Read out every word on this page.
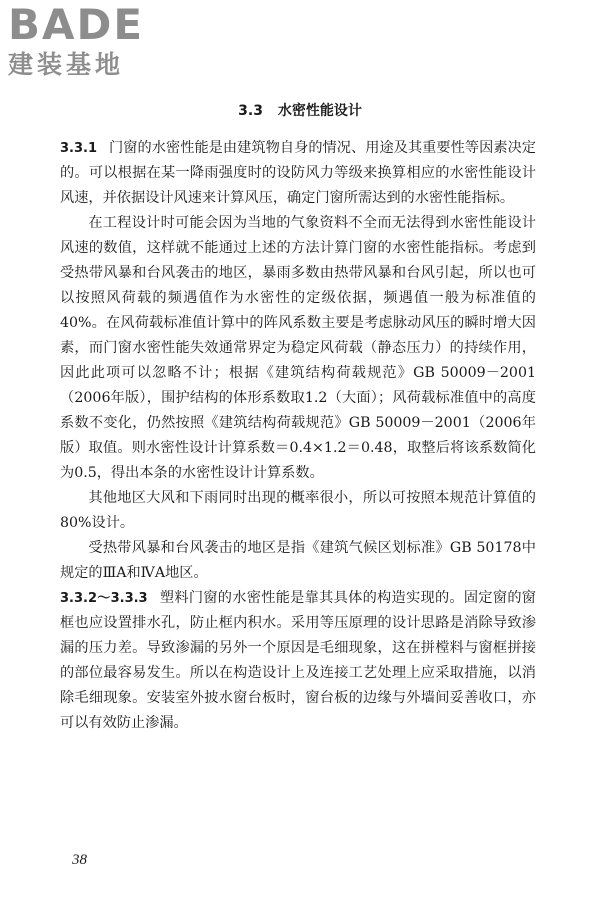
BADE
建装基地
3.3 水密性能设计

3.3.1 门窗的水密性能是由建筑物自身的情况、用途及其重要性等因素决定的。可以根据在某一降雨强度时的设防风力等级来换算相应的水密性能设计风速，并依据设计风速来计算风压，确定门窗所需达到的水密性能指标。

在工程设计时可能会因为当地的气象资料不全而无法得到水密性能设计风速的数值，这样就不能通过上述的方法计算门窗的水密性能指标。考虑到受热带风暴和台风袭击的地区，暴雨多数由热带风暴和台风引起，所以也可以按照风荷载的频遇值作为水密性的定级依据，频遇值一般为标准值的40%。在风荷载标准值计算中的阵风系数主要是考虑脉动风压的瞬时增大因素，而门窗水密性能失效通常界定为稳定风荷载（静态压力）的持续作用，因此此项可以忽略不计；根据《建筑结构荷载规范》GB 50009－2001（2006年版），围护结构的体形系数取1.2（大面）；风荷载标准值中的高度系数不变化，仍然按照《建筑结构荷载规范》GB 50009－2001（2006年版）取值。则水密性设计计算系数＝0.4×1.2＝0.48，取整后将该系数简化为0.5，得出本条的水密性设计计算系数。

其他地区大风和下雨同时出现的概率很小，所以可按照本规范计算值的80%设计。

受热带风暴和台风袭击的地区是指《建筑气候区划标准》GB 50178中规定的ⅢA和ⅣA地区。

3.3.2～3.3.3 塑料门窗的水密性能是靠其具体的构造实现的。固定窗的窗框也应设置排水孔，防止框内积水。采用等压原理的设计思路是消除导致渗漏的压力差。导致渗漏的另外一个原因是毛细现象，这在拼樘料与窗框拼接的部位最容易发生。所以在构造设计上及连接工艺处理上应采取措施，以消除毛细现象。安装室外披水窗台板时，窗台板的边缘与外墙间妥善收口，亦可以有效防止渗漏。

38
